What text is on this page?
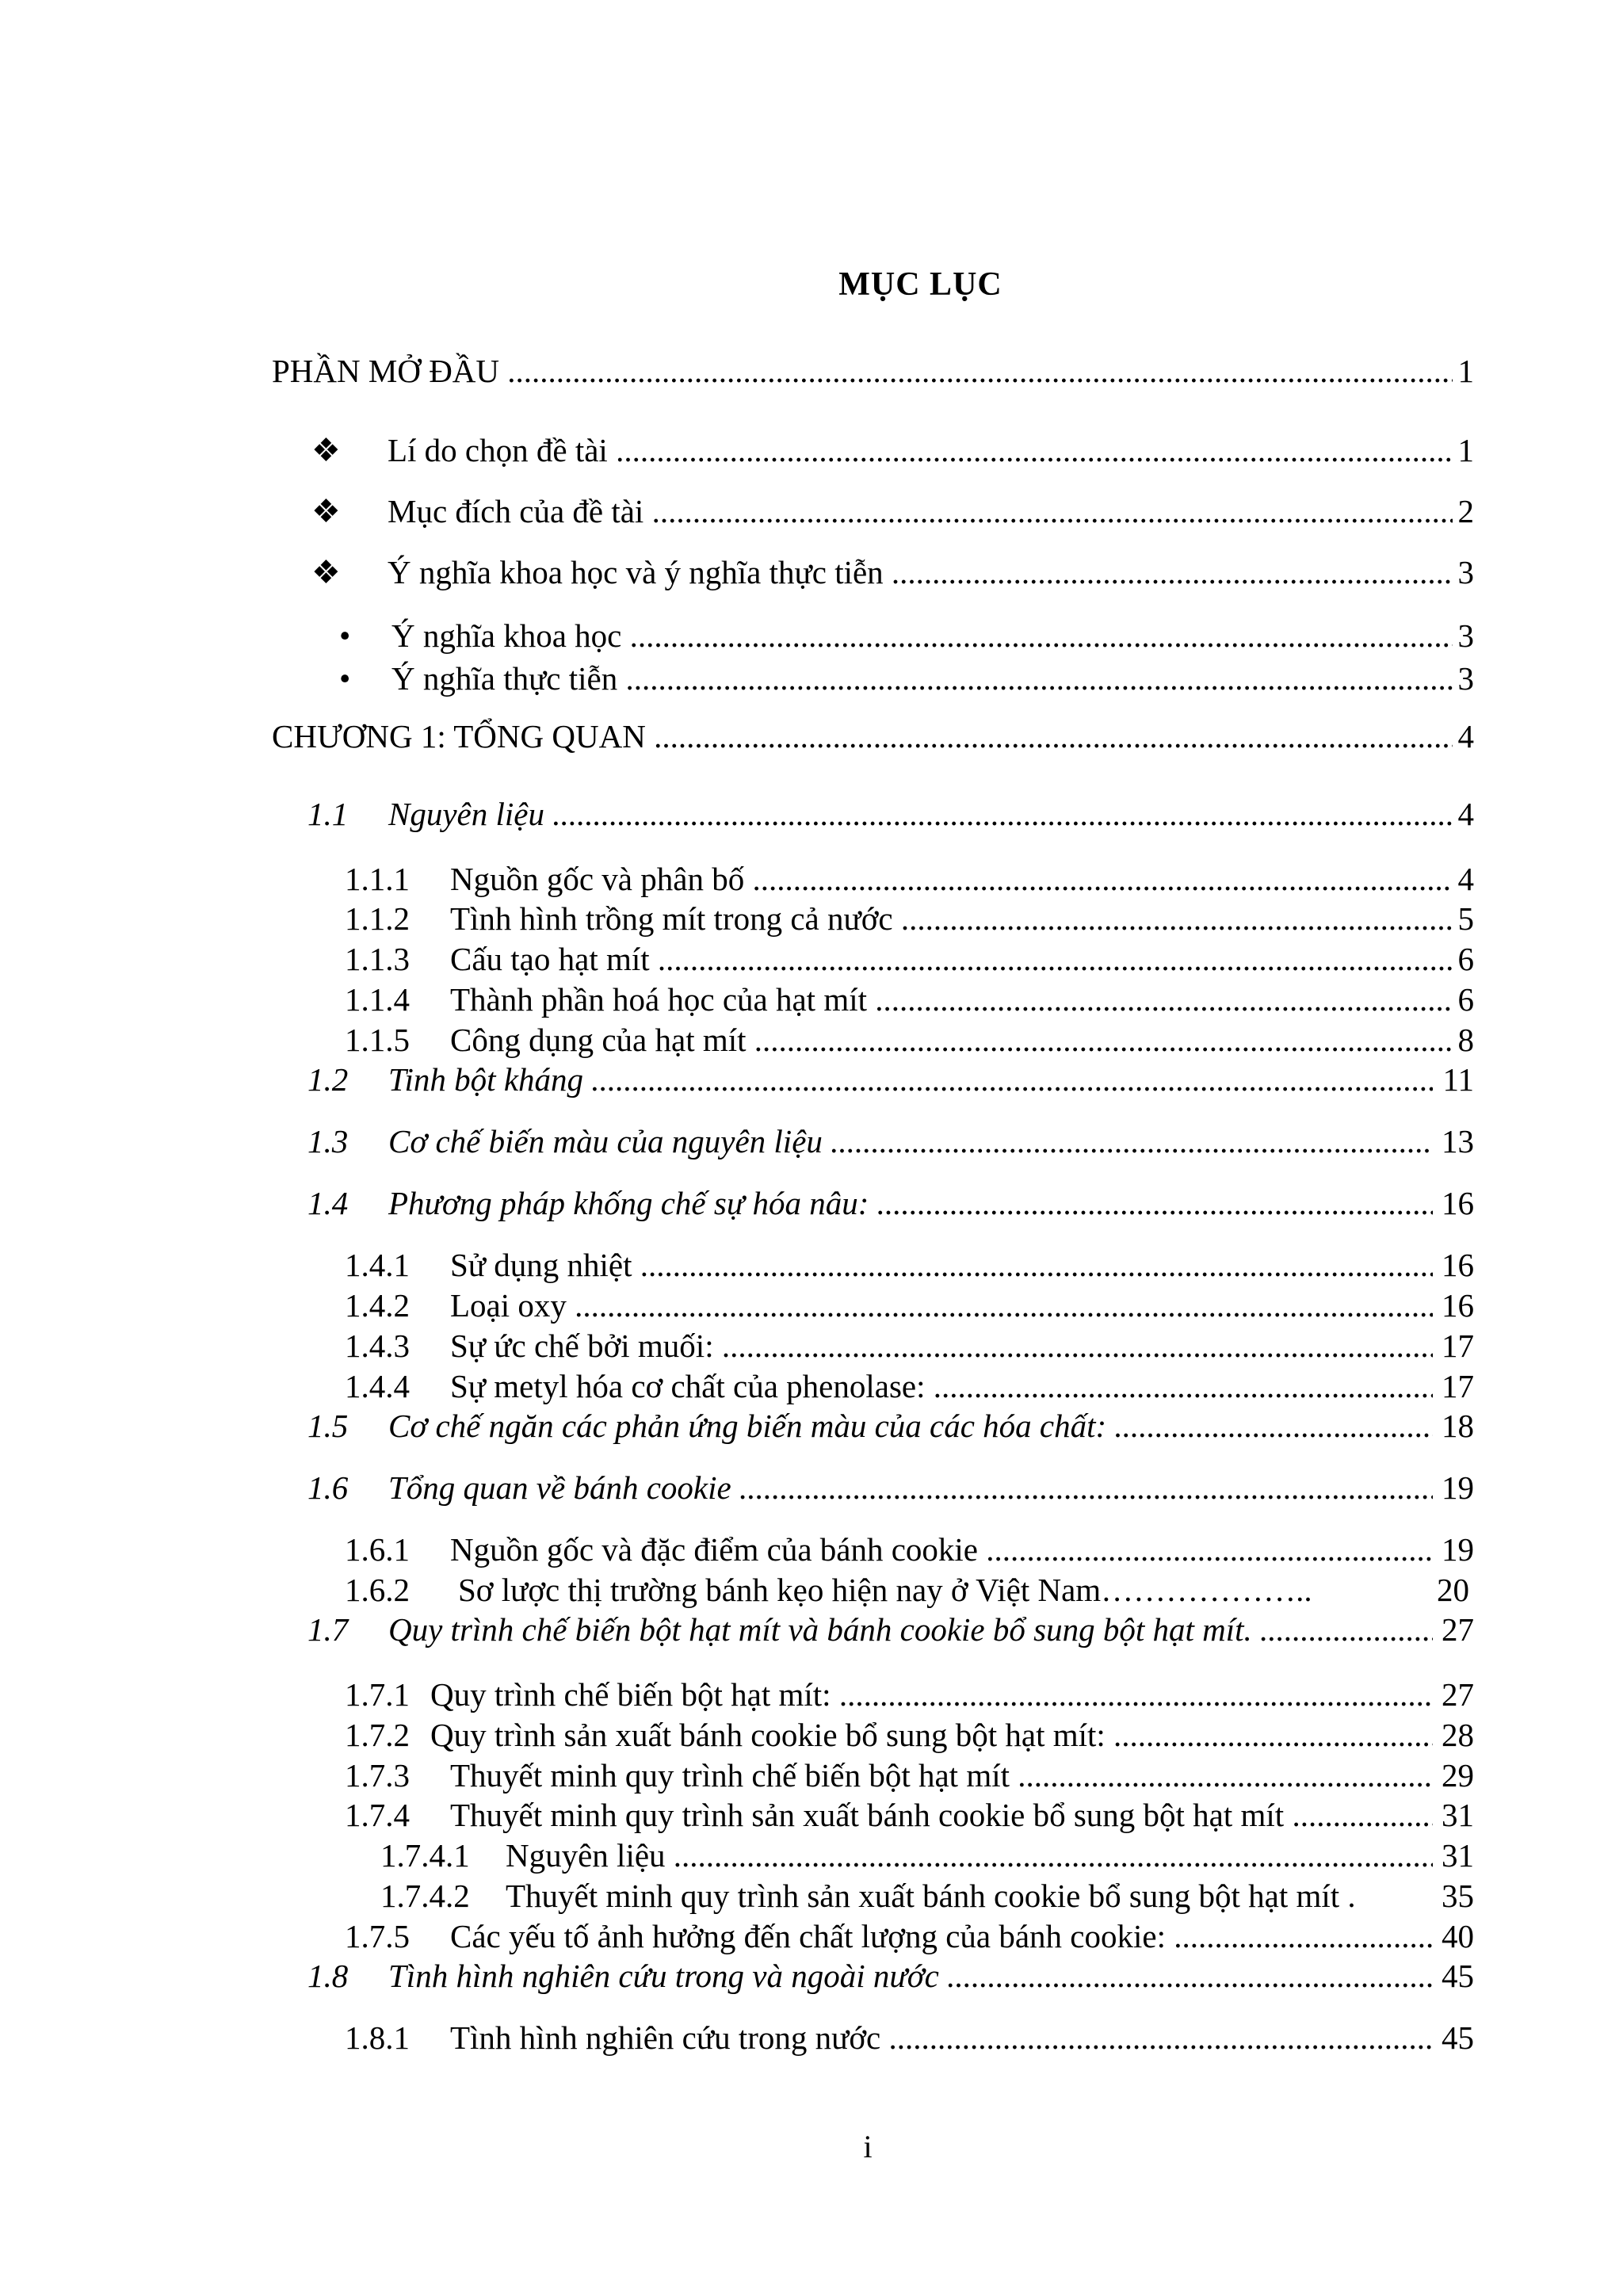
MỤC LỤC
PHẦN MỞ ĐẦU .....	1
❖ Lí do chọn đề tài .....	1
❖ Mục đích của đề tài .....	2
❖ Ý nghĩa khoa học và ý nghĩa thực tiễn .....	3
• Ý nghĩa khoa học .....	3
• Ý nghĩa thực tiễn .....	3
CHƯƠNG 1: TỔNG QUAN .....	4
1.1 Nguyên liệu .....	4
1.1.1 Nguồn gốc và phân bố .....	4
1.1.2 Tình hình trồng mít trong cả nước .....	5
1.1.3 Cấu tạo hạt mít .....	6
1.1.4 Thành phần hoá học của hạt mít .....	6
1.1.5 Công dụng của hạt mít .....	8
1.2 Tinh bột kháng .....	11
1.3 Cơ chế biến màu của nguyên liệu .....	13
1.4 Phương pháp khống chế sự hóa nâu: .....	16
1.4.1 Sử dụng nhiệt .....	16
1.4.2 Loại oxy .....	16
1.4.3 Sự ức chế bởi muối: .....	17
1.4.4 Sự metyl hóa cơ chất của phenolase: .....	17
1.5 Cơ chế ngăn các phản ứng biến màu của các hóa chất: .....	18
1.6 Tổng quan về bánh cookie .....	19
1.6.1 Nguồn gốc và đặc điểm của bánh cookie .....	19
1.6.2 Sơ lược thị trường bánh kẹo hiện nay ở Việt Nam………………..	20
1.7 Quy trình chế biến bột hạt mít và bánh cookie bổ sung bột hạt mít. .....	27
1.7.1 Quy trình chế biến bột hạt mít: .....	27
1.7.2 Quy trình sản xuất bánh cookie bổ sung bột hạt mít: .....	28
1.7.3 Thuyết minh quy trình chế biến bột hạt mít .....	29
1.7.4 Thuyết minh quy trình sản xuất bánh cookie bổ sung bột hạt mít .....	31
1.7.4.1 Nguyên liệu .....	31
1.7.4.2 Thuyết minh quy trình sản xuất bánh cookie bổ sung bột hạt mít .	35
1.7.5 Các yếu tố ảnh hưởng đến chất lượng của bánh cookie: .....	40
1.8 Tình hình nghiên cứu trong và ngoài nước .....	45
1.8.1 Tình hình nghiên cứu trong nước .....	45
i
